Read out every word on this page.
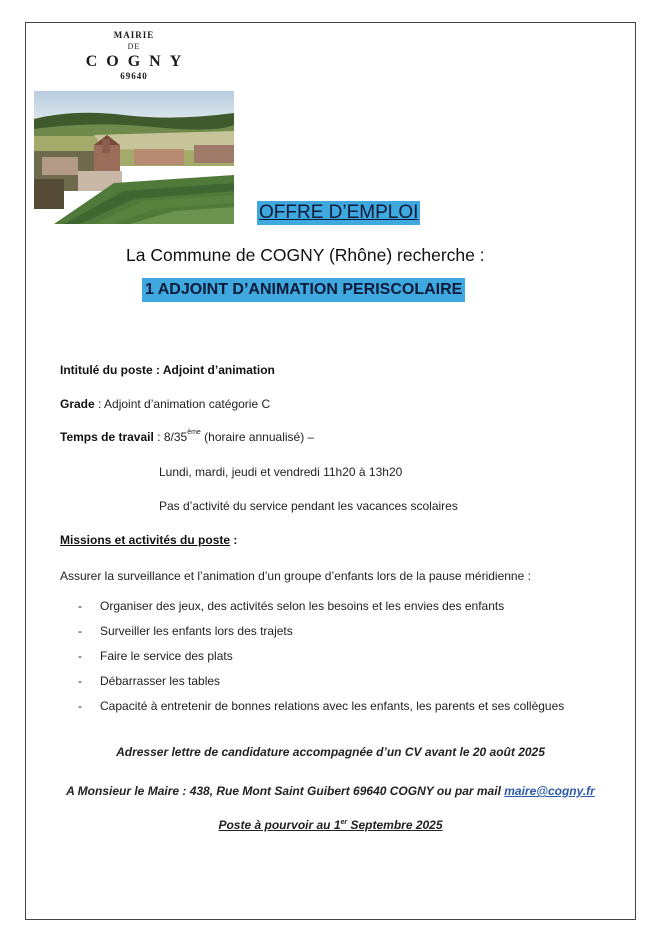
MAIRIE
DE
COGNY
69640
OFFRE D’EMPLOI
La Commune de COGNY (Rhône) recherche :
1 ADJOINT D’ANIMATION PERISCOLAIRE
Intitulé du poste : Adjoint d’animation
Grade : Adjoint d’animation catégorie C
Temps de travail : 8/35ème (horaire annualisé) –
Lundi, mardi, jeudi et vendredi 11h20 à 13h20
Pas d’activité du service pendant les vacances scolaires
Missions et activités du poste :
Assurer la surveillance et l’animation d’un groupe d’enfants lors de la pause méridienne :
-	Organiser des jeux, des activités selon les besoins et les envies des enfants
-	Surveiller les enfants lors des trajets
-	Faire le service des plats
-	Débarrasser les tables
-	Capacité à entretenir de bonnes relations avec les enfants, les parents et ses collègues
Adresser lettre de candidature accompagnée d’un CV avant le 20 août 2025
A Monsieur le Maire : 438, Rue Mont Saint Guibert 69640 COGNY ou par mail maire@cogny.fr
Poste à pourvoir au 1er Septembre 2025
